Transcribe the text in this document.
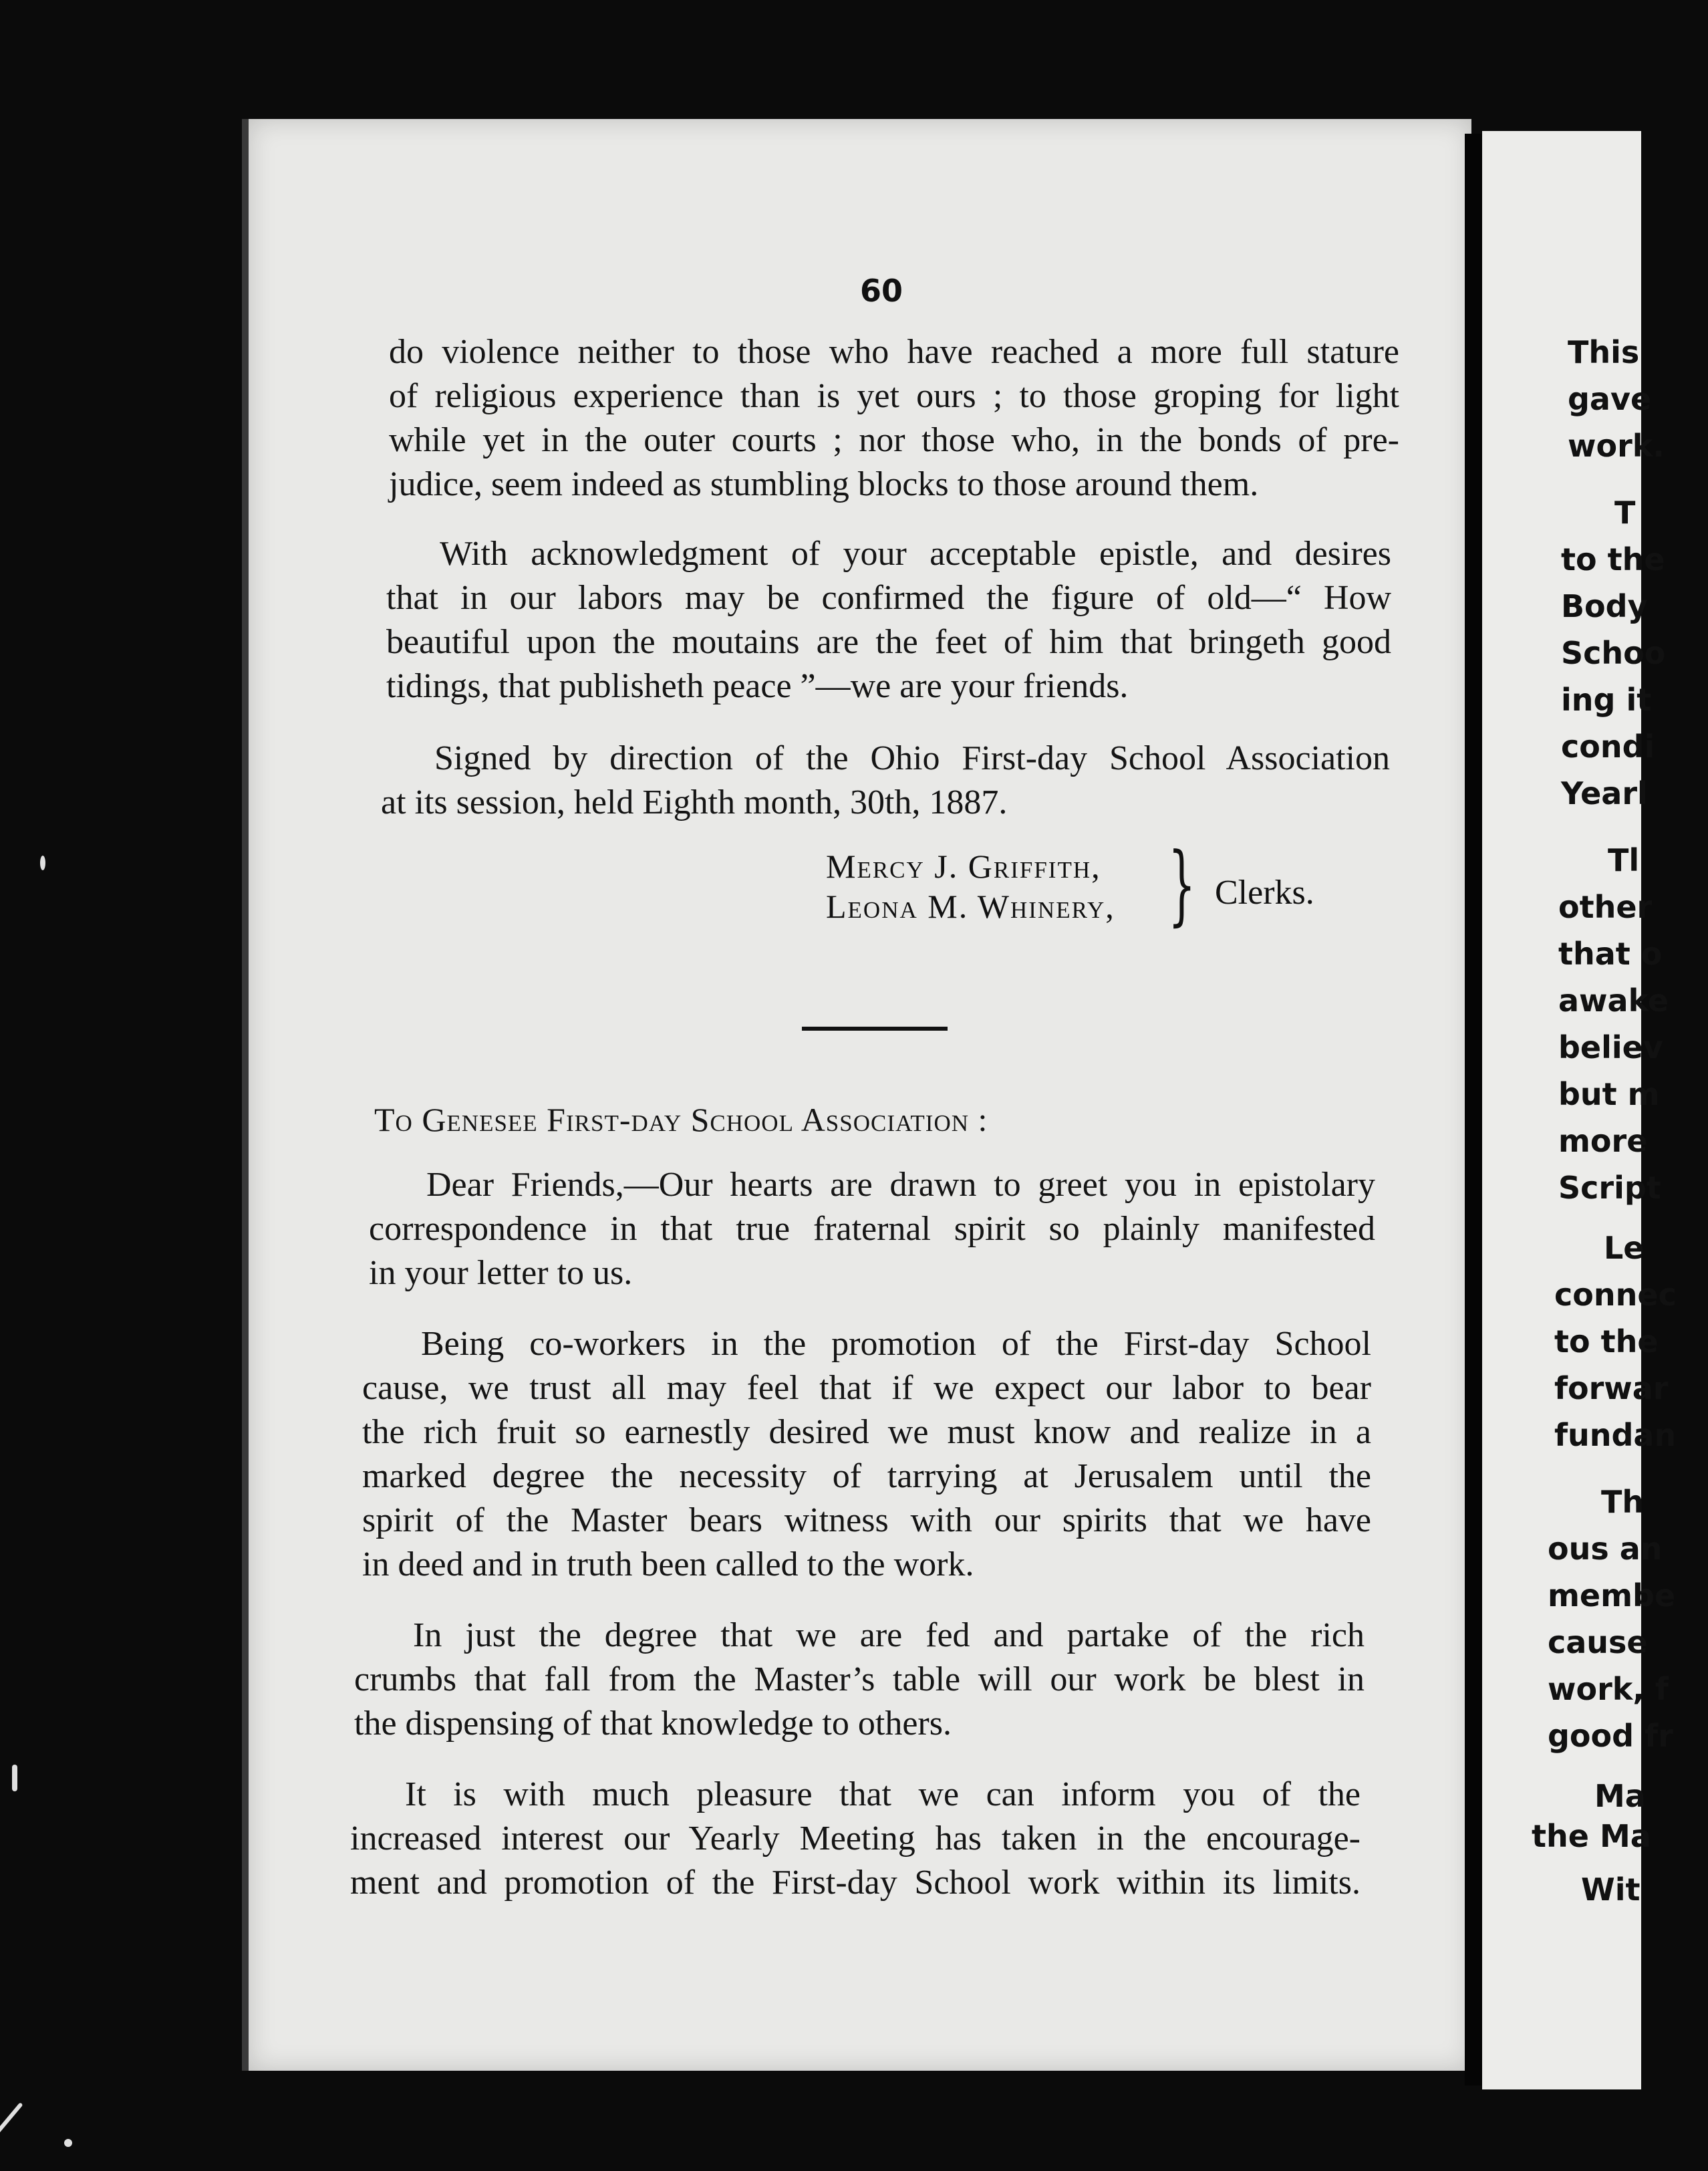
60
do violence neither to those who have reached a more full stature
of religious experience than is yet ours ; to those groping for light
while yet in the outer courts ; nor those who, in the bonds of pre-
judice, seem indeed as stumbling blocks to those around them.
With acknowledgment of your acceptable epistle, and desires
that in our labors may be confirmed the figure of old—“ How
beautiful upon the moutains are the feet of him that bringeth good
tidings, that publisheth peace ”—we are your friends.
Signed by direction of the Ohio First-day School Association
at its session, held Eighth month, 30th, 1887.
Mercy J. Griffith,
Leona M. Whinery, } Clerks.
To Genesee First-day School Association :
Dear Friends,—Our hearts are drawn to greet you in epistolary
correspondence in that true fraternal spirit so plainly manifested
in your letter to us.
Being co-workers in the promotion of the First-day School
cause, we trust all may feel that if we expect our labor to bear
the rich fruit so earnestly desired we must know and realize in a
marked degree the necessity of tarrying at Jerusalem until the
spirit of the Master bears witness with our spirits that we have
in deed and in truth been called to the work.
In just the degree that we are fed and partake of the rich
crumbs that fall from the Master’s table will our work be blest in
the dispensing of that knowledge to others.
It is with much pleasure that we can inform you of the
increased interest our Yearly Meeting has taken in the encourage-
ment and promotion of the First-day School work within its limits.
This
gave
work.
T
to the
Body
Schoo
ing it
condi
Yearl
Tl
other
that o
awake
believ
but m
more
Script
Le
connec
to the
forwar
fundan
Th
ous an
membe
cause
work, f
good fr
Ma
the Ma
Wit
